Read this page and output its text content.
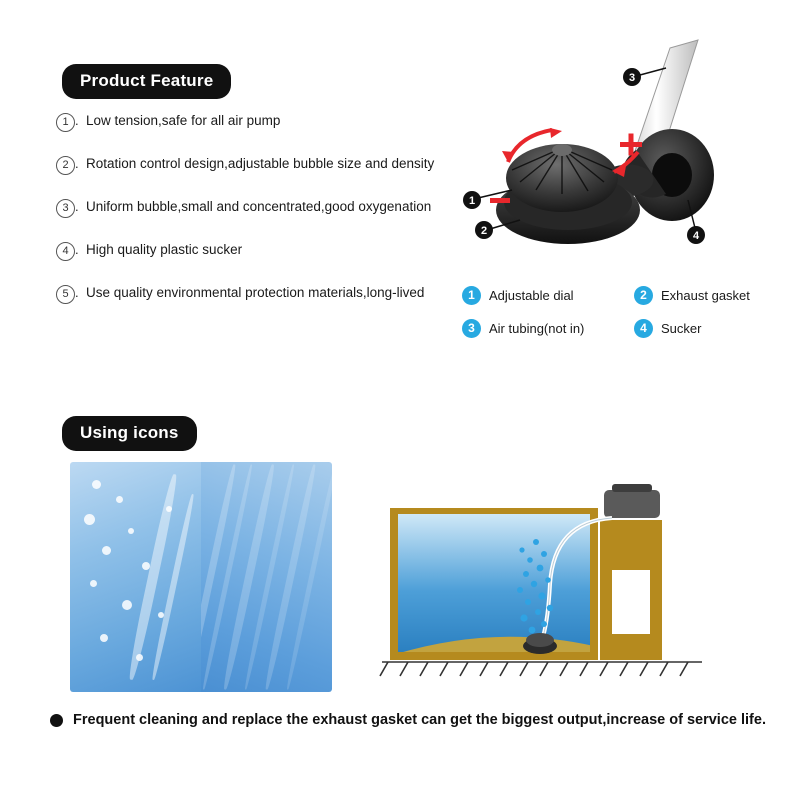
Product Feature
1 . Low tension,safe for all air pump
2 . Rotation control design,adjustable bubble size and density
3 . Uniform bubble,small and concentrated,good oxygenation
4 . High quality plastic sucker
5 . Use quality environmental protection materials,long-lived
1
2
3
4
1	Adjustable dial	2	Exhaust gasket
3	Air tubing(not in)	4	Sucker
Using icons
Frequent cleaning and replace the exhaust gasket can get the biggest output,increase of service life.
